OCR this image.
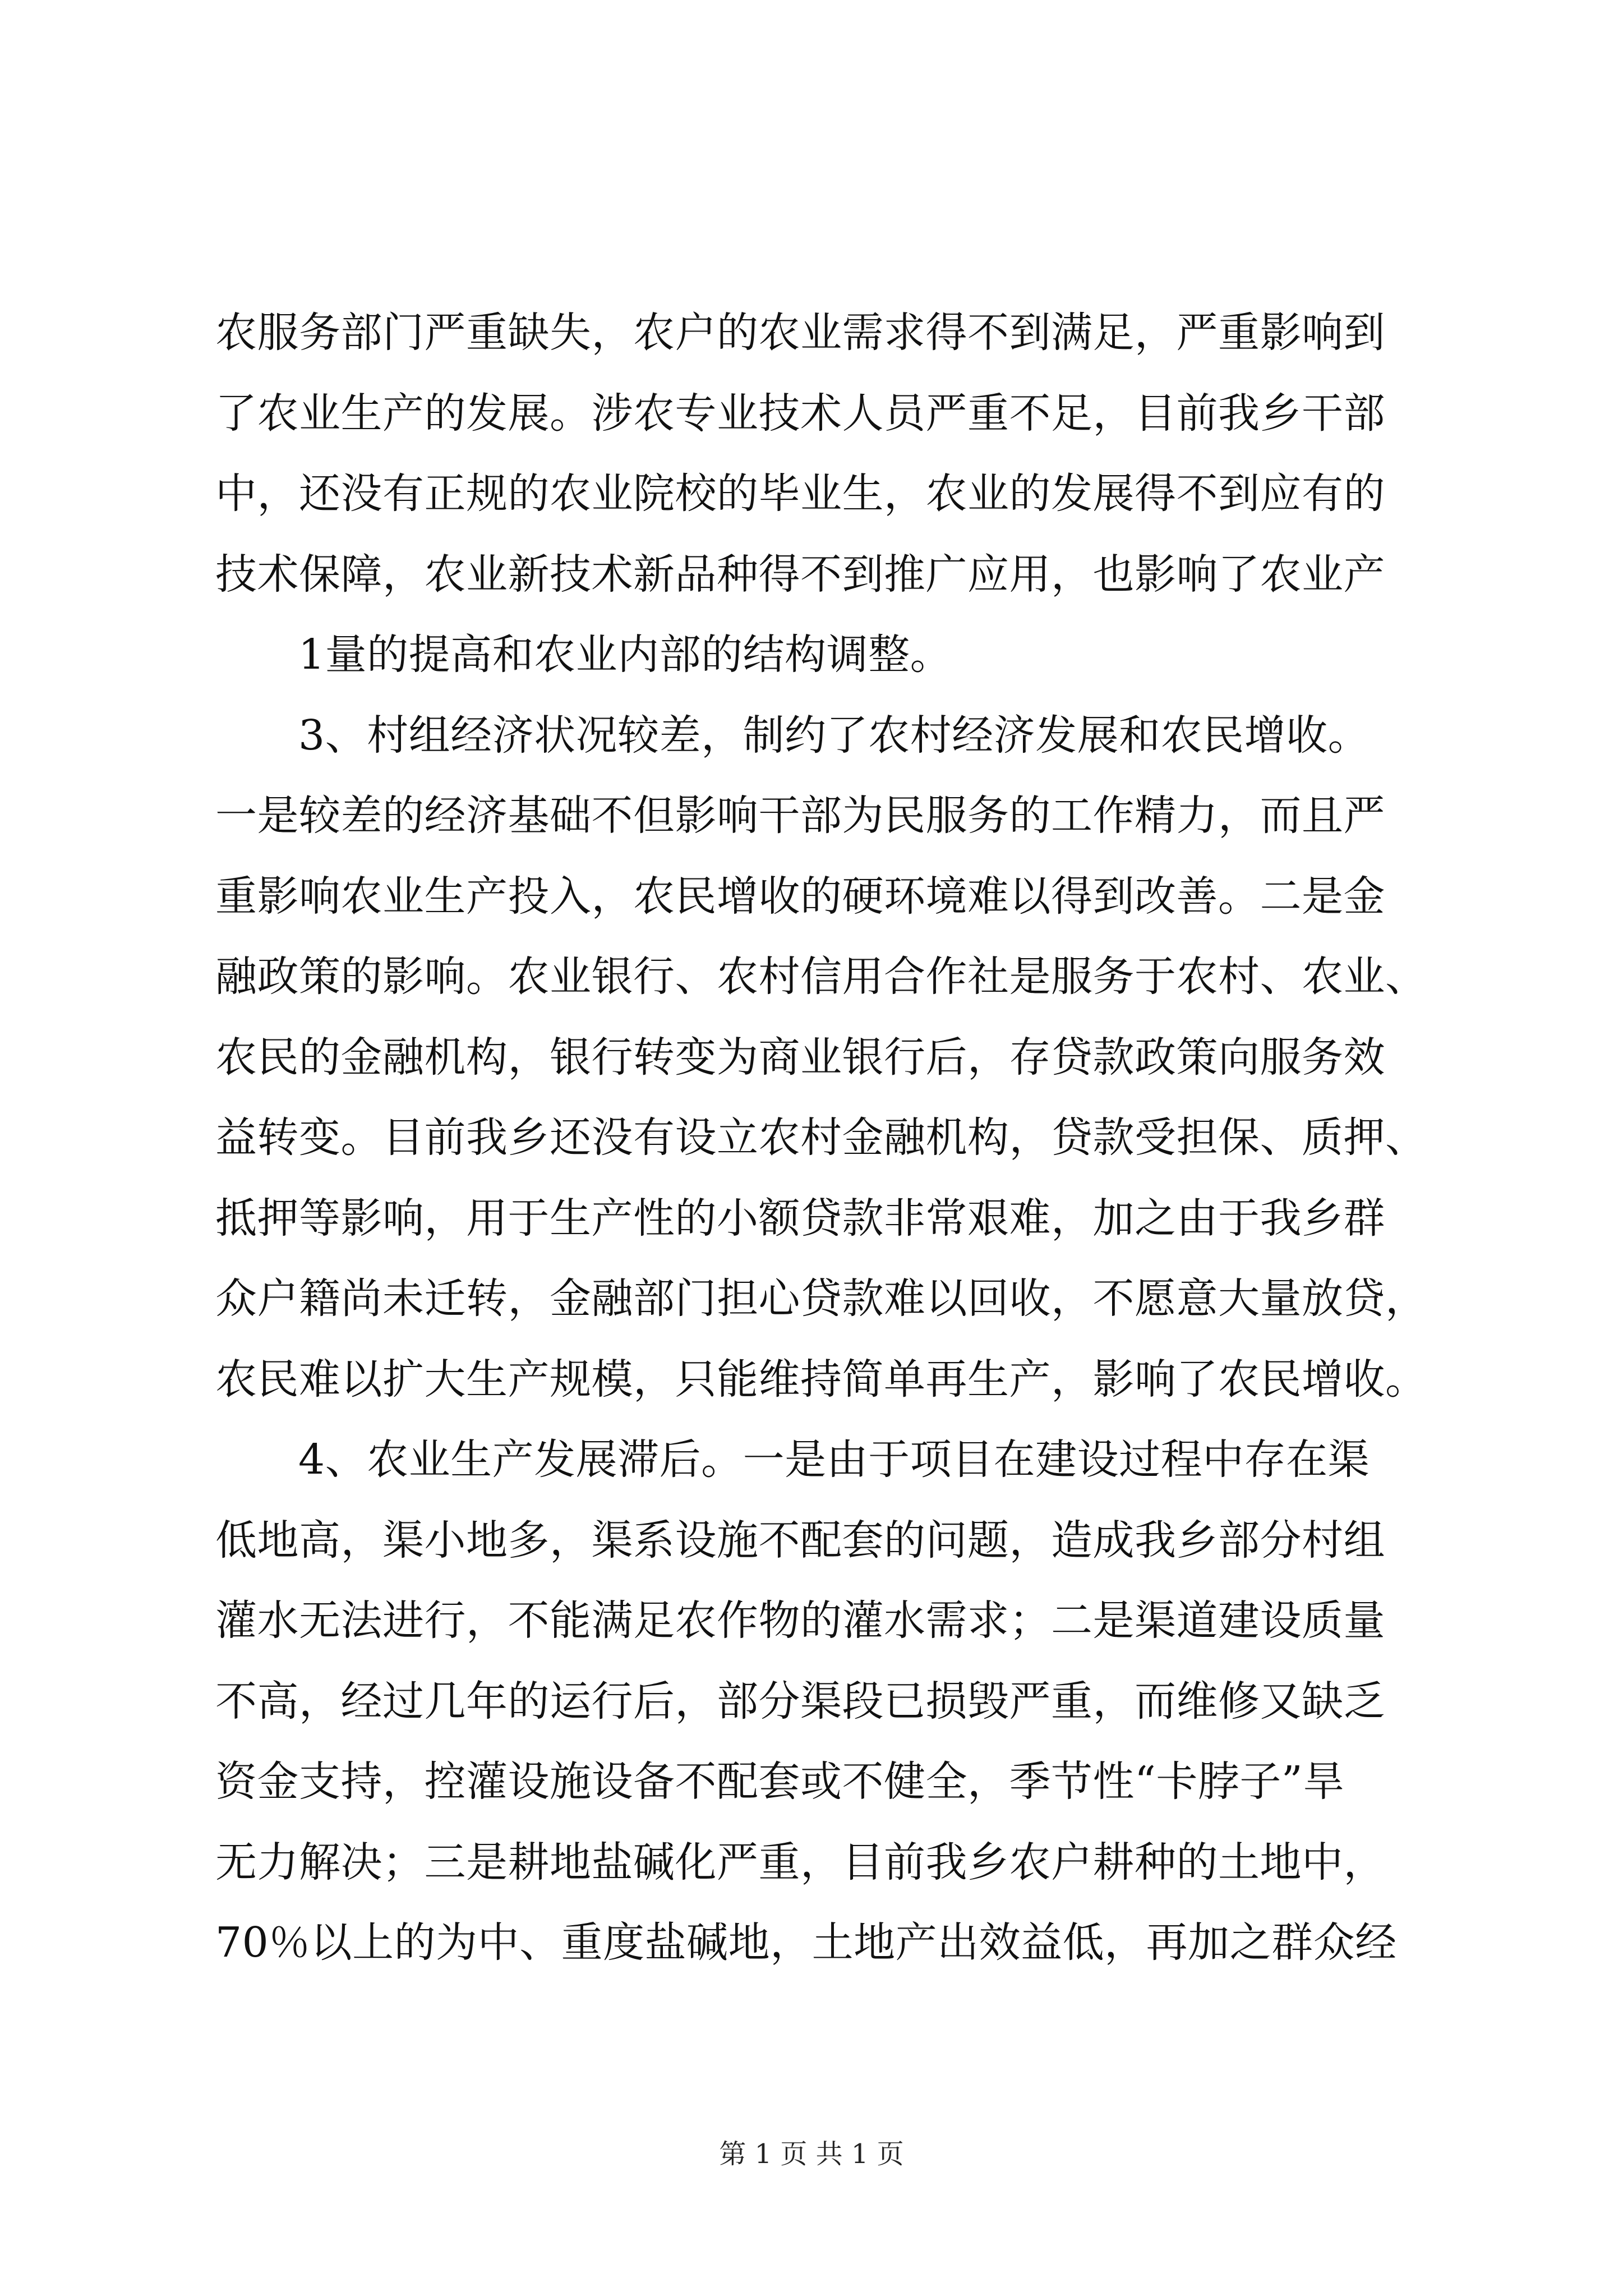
农服务部门严重缺失，农户的农业需求得不到满足，严重影响到
了农业生产的发展。涉农专业技术人员严重不足，目前我乡干部
中，还没有正规的农业院校的毕业生，农业的发展得不到应有的
技术保障，农业新技术新品种得不到推广应用，也影响了农业产
1量的提高和农业内部的结构调整。
3、村组经济状况较差，制约了农村经济发展和农民增收。
一是较差的经济基础不但影响干部为民服务的工作精力，而且严
重影响农业生产投入，农民增收的硬环境难以得到改善。二是金
融政策的影响。农业银行、农村信用合作社是服务于农村、农业、
农民的金融机构，银行转变为商业银行后，存贷款政策向服务效
益转变。目前我乡还没有设立农村金融机构，贷款受担保、质押、
抵押等影响，用于生产性的小额贷款非常艰难，加之由于我乡群
众户籍尚未迁转，金融部门担心贷款难以回收，不愿意大量放贷，
农民难以扩大生产规模，只能维持简单再生产，影响了农民增收。
4、农业生产发展滞后。一是由于项目在建设过程中存在渠
低地高，渠小地多，渠系设施不配套的问题，造成我乡部分村组
灌水无法进行，不能满足农作物的灌水需求；二是渠道建设质量
不高，经过几年的运行后，部分渠段已损毁严重，而维修又缺乏
资金支持，控灌设施设备不配套或不健全，季节性“卡脖子”旱
无力解决；三是耕地盐碱化严重，目前我乡农户耕种的土地中，
70％以上的为中、重度盐碱地，土地产出效益低，再加之群众经
第 1 页 共 1 页
